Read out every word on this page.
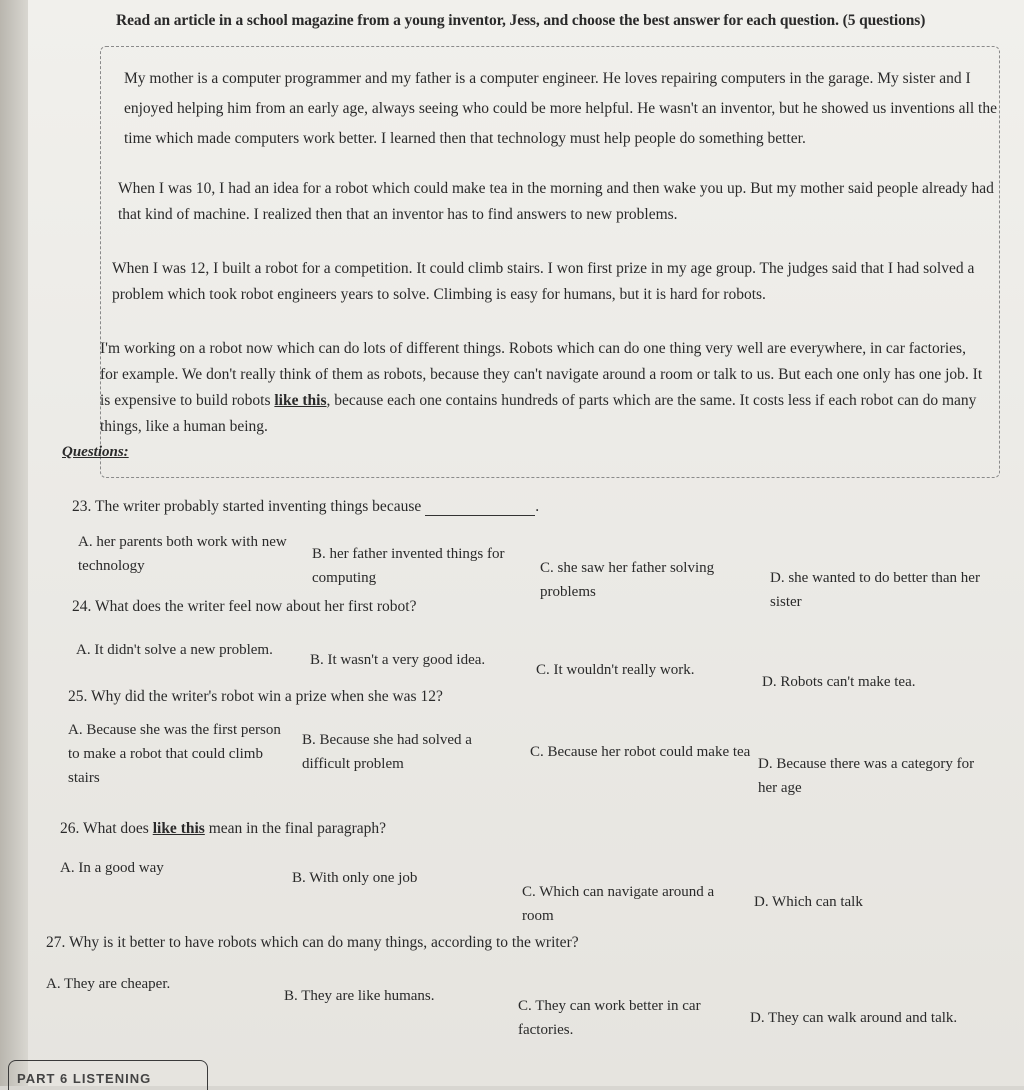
Read an article in a school magazine from a young inventor, Jess, and choose the best answer for each question. (5 questions)
My mother is a computer programmer and my father is a computer engineer. He loves repairing computers in the garage. My sister and I enjoyed helping him from an early age, always seeing who could be more helpful. He wasn't an inventor, but he showed us inventions all the time which made computers work better. I learned then that technology must help people do something better.
When I was 10, I had an idea for a robot which could make tea in the morning and then wake you up. But my mother said people already had that kind of machine. I realized then that an inventor has to find answers to new problems.
When I was 12, I built a robot for a competition. It could climb stairs. I won first prize in my age group. The judges said that I had solved a problem which took robot engineers years to solve. Climbing is easy for humans, but it is hard for robots.
I'm working on a robot now which can do lots of different things. Robots which can do one thing very well are everywhere, in car factories, for example. We don't really think of them as robots, because they can't navigate around a room or talk to us. But each one only has one job. It is expensive to build robots like this, because each one contains hundreds of parts which are the same. It costs less if each robot can do many things, like a human being.
Questions:
23. The writer probably started inventing things because	.
A. her parents both work with new technology
B. her father invented things for computing
C. she saw her father solving problems
D. she wanted to do better than her sister
24. What does the writer feel now about her first robot?
A. It didn't solve a new problem.
B. It wasn't a very good idea.
C. It wouldn't really work.
D. Robots can't make tea.
25. Why did the writer's robot win a prize when she was 12?
A. Because she was the first person to make a robot that could climb stairs
B. Because she had solved a difficult problem
C. Because her robot could make tea
D. Because there was a category for her age
26. What does like this mean in the final paragraph?
A. In a good way
B. With only one job
C. Which can navigate around a room
D. Which can talk
27. Why is it better to have robots which can do many things, according to the writer?
A. They are cheaper.
B. They are like humans.
C. They can work better in car factories.
D. They can walk around and talk.
PART 6 LISTENING
